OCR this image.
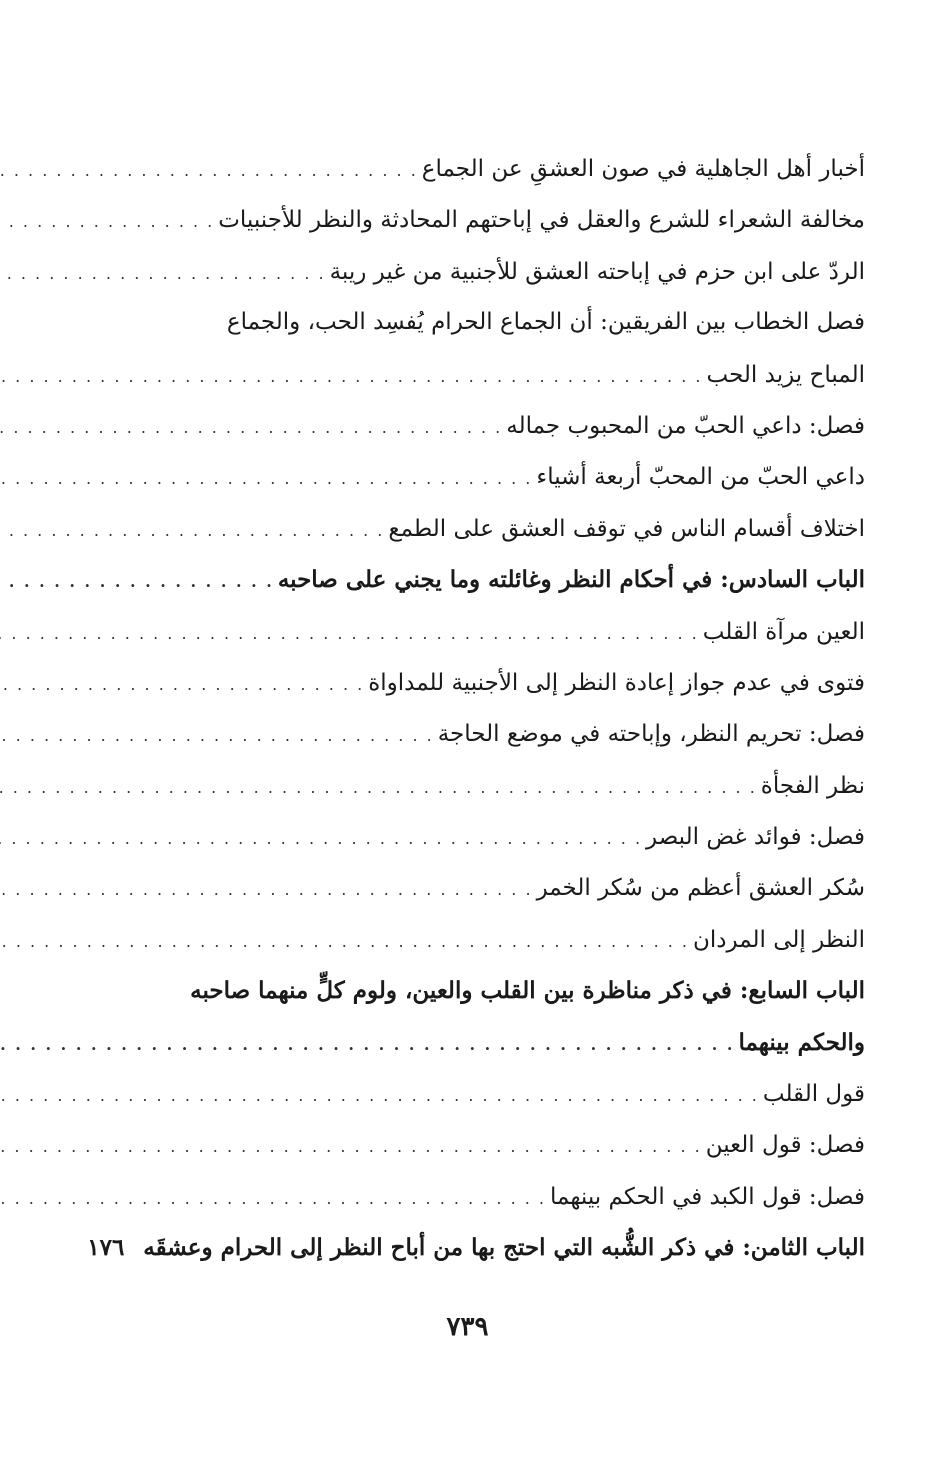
أخبار أهل الجاهلية في صون العشقِ عن الجماع
. . .
مخالفة الشعراء للشرع والعقل في إباحتهم المحادثة والنظر للأجنبيات
. . .
الردّ على ابن حزم في إباحته العشق للأجنبية من غير ريبة
. . .
فصل الخطاب بين الفريقين: أن الجماع الحرام يُفسِد الحب، والجماع
المباح يزيد الحب
. . .
فصل: داعي الحبّ من المحبوب جماله
. . .
داعي الحبّ من المحبّ أربعة أشياء
. . .
اختلاف أقسام الناس في توقف العشق على الطمع
. . .
الباب السادس: في أحكام النظر وغائلته وما يجني على صاحبه
. . .
العين مرآة القلب
. . .
فتوى في عدم جواز إعادة النظر إلى الأجنبية للمداواة
. . .
فصل: تحريم النظر، وإباحته في موضع الحاجة
. . .
نظر الفجأة
. . .
فصل: فوائد غض البصر
. . .
سُكر العشق أعظم من سُكر الخمر
. . .
النظر إلى المردان
. . .
الباب السابع: في ذكر مناظرة بين القلب والعين، ولوم كلٍّ منهما صاحبه
والحكم بينهما
. . .
قول القلب
. . .
فصل: قول العين
. . .
فصل: قول الكبد في الحكم بينهما
. . .
الباب الثامن: في ذكر الشُّبه التي احتج بها من أباح النظر إلى الحرام وعشقَه
١٧٦
٧٣٩
